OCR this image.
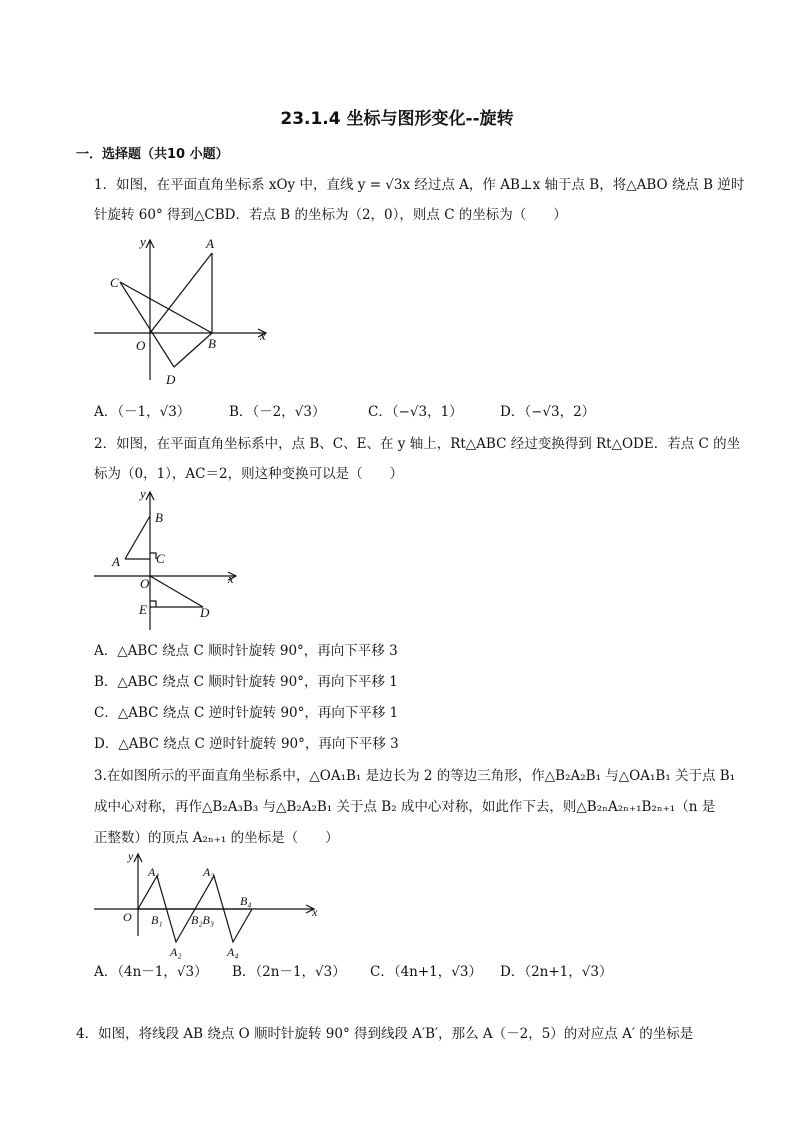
23.1.4 坐标与图形变化--旋转
一．选择题（共10 小题）
1．如图，在平面直角坐标系 xOy 中，直线 y = √3x 经过点 A，作 AB⊥x 轴于点 B，将△ABO 绕点 B 逆时
针旋转 60° 得到△CBD．若点 B 的坐标为（2，0），则点 C 的坐标为（　　）
y	A
C
x
O	B
D
A．（－1，√3）	B．（－2，√3）	C．（−√3，1）	D．（−√3，2）
2．如图，在平面直角坐标系中，点 B、C、E、在 y 轴上，Rt△ABC 经过变换得到 Rt△ODE．若点 C 的坐
标为（0，1），AC＝2，则这种变换可以是（　　）
y
B
A	C
O	x
E	D
A．△ABC 绕点 C 顺时针旋转 90°，再向下平移 3
B．△ABC 绕点 C 顺时针旋转 90°，再向下平移 1
C．△ABC 绕点 C 逆时针旋转 90°，再向下平移 1
D．△ABC 绕点 C 逆时针旋转 90°，再向下平移 3
3.在如图所示的平面直角坐标系中，△OA₁B₁ 是边长为 2 的等边三角形，作△B₂A₂B₁ 与△OA₁B₁ 关于点 B₁
成中心对称，再作△B₂A₃B₃ 与△B₂A₂B₁ 关于点 B₂ 成中心对称，如此作下去，则△B₂ₙA₂ₙ₊₁B₂ₙ₊₁（n 是
正整数）的顶点 A₂ₙ₊₁ 的坐标是（　　）
y
A₁	A₃
B₄
O	x
B₁ B₂B₃
A₂	A₄
A．（4n－1，√3） B．（2n－1，√3） C．（4n+1，√3） D．（2n+1，√3）
4．如图，将线段 AB 绕点 O 顺时针旋转 90° 得到线段 A′B′，那么 A（－2，5）的对应点 A′ 的坐标是
